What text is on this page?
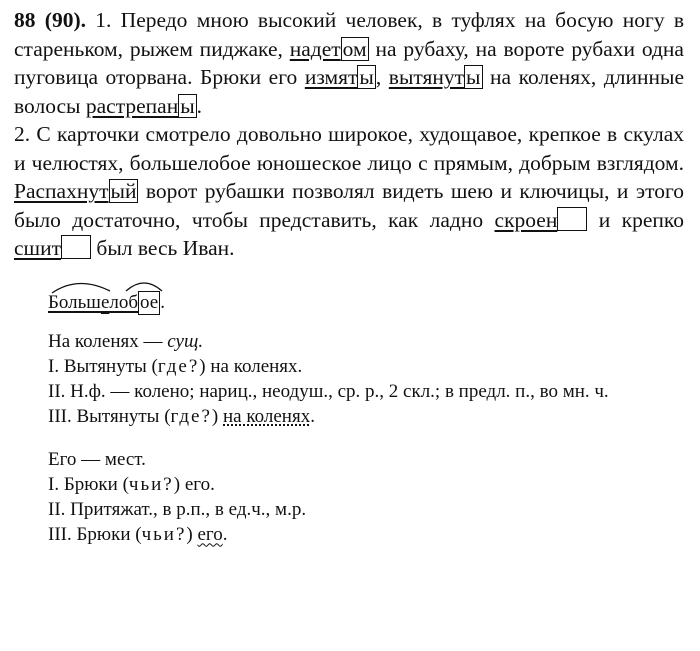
88 (90). 1. Передо мною высокий человек, в туфлях на босую ногу в стареньком, рыжем пиджаке, надетом на рубаху, на вороте рубахи одна пуговица оторвана. Брюки его измяты, вытянуты на коленях, длинные волосы растрепаны.
2. С карточки смотрело довольно широкое, худощавое, крепкое в скулах и челюстях, большелобое юношеское лицо с прямым, добрым взглядом. Распахнутый ворот рубашки позволял видеть шею и ключицы, и этого было достаточно, чтобы представить, как ладно скроен и крепко сшит был весь Иван.

Большелоб ое .

На коленях — сущ.
I. Вытянуты (где?) на коленях.
II. Н.ф. — колено; нариц., неодуш., ср. р., 2 скл.; в предл. п., во мн. ч.
III. Вытянуты (где?) на коленях.

Его — мест.
I. Брюки (чьи?) его.
II. Притяжат., в р.п., в ед.ч., м.р.
III. Брюки (чьи?) его.
